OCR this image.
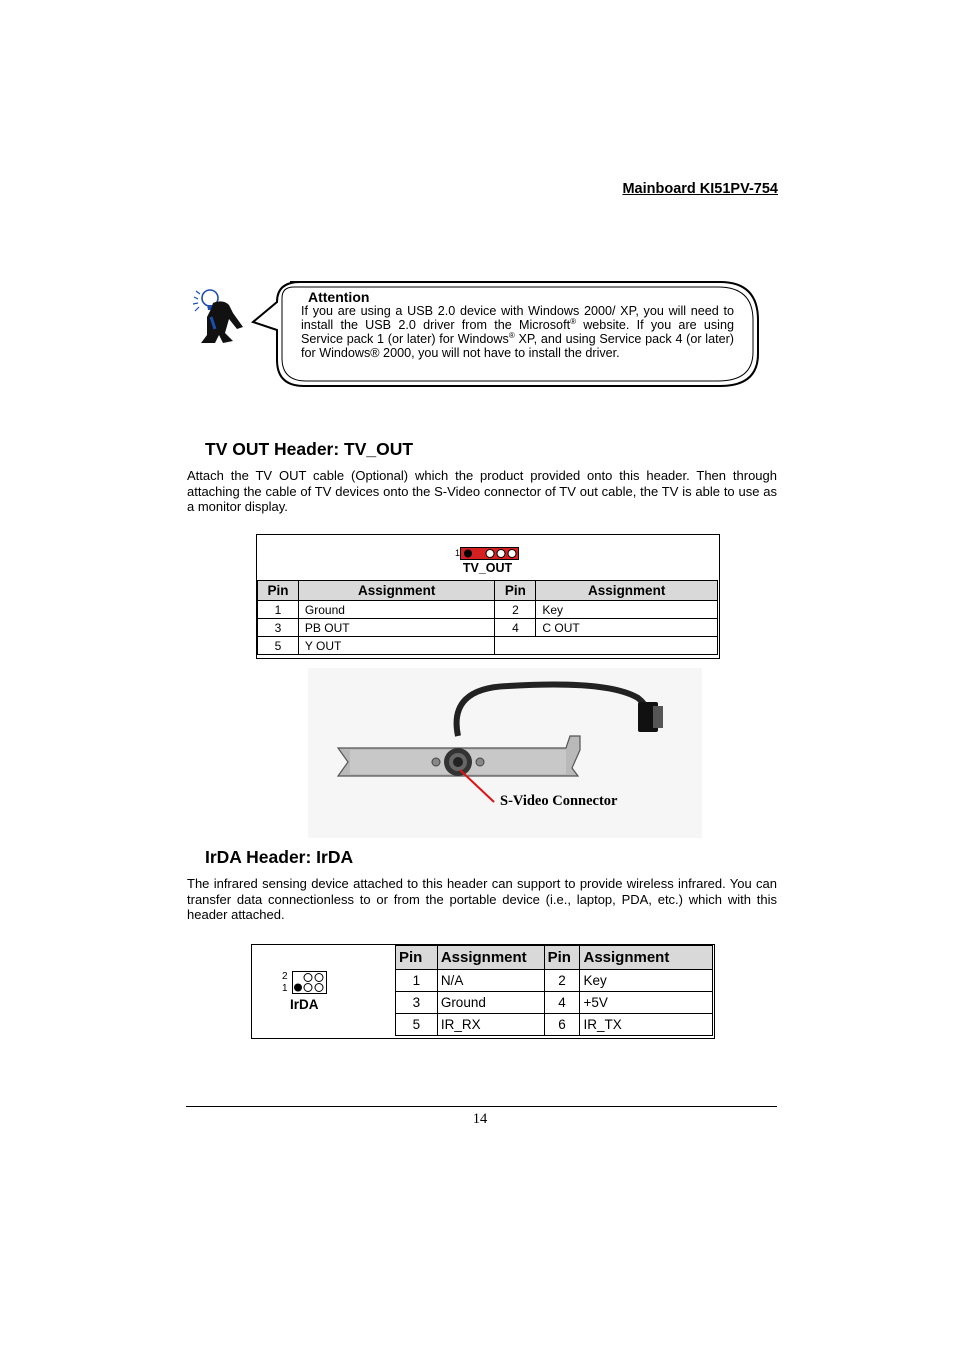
Mainboard KI51PV-754
Attention
If you are using a USB 2.0 device with Windows 2000/ XP, you will need to install the USB 2.0 driver from the Microsoft® website. If you are using Service pack 1 (or later) for Windows® XP, and using Service pack 4 (or later) for Windows® 2000, you will not have to install the driver.
TV OUT Header: TV_OUT
Attach the TV OUT cable (Optional) which the product provided onto this header. Then through attaching the cable of TV devices onto the S-Video connector of TV out cable, the TV is able to use as a monitor display.
1
TV_OUT
Pin	Assignment	Pin	Assignment
1	Ground	2	Key
3	PB OUT	4	C OUT
5	Y OUT		
S-Video Connector
IrDA Header: IrDA
The infrared sensing device attached to this header can support to provide wireless infrared. You can transfer data connectionless to or from the portable device (i.e., laptop, PDA, etc.) which with this header attached.
2
1
IrDA
Pin	Assignment	Pin	Assignment
1	N/A	2	Key
3	Ground	4	+5V
5	IR_RX	6	IR_TX
14
